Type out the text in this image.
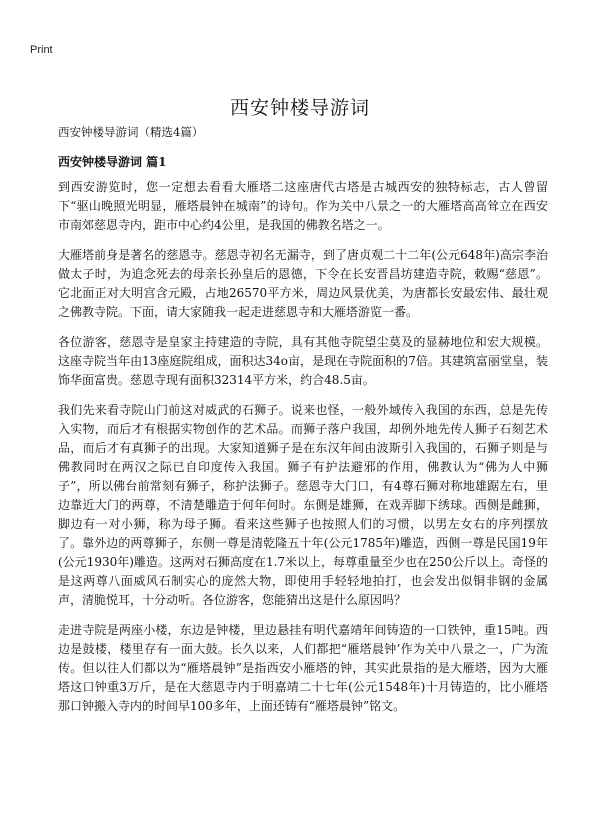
Print
西安钟楼导游词
西安钟楼导游词（精选4篇）
西安钟楼导游词 篇1

到西安游览时，您一定想去看看大雁塔二这座唐代古塔是古城西安的独特标志，古人曾留下“驱山晚照光明显，雁塔晨钟在城南”的诗句。作为关中八景之一的大雁塔高高耸立在西安市南郊慈恩寺内，距市中心约4公里，是我国的佛教名塔之一。

大雁塔前身是著名的慈恩寺。慈恩寺初名无漏寺，到了唐贞观二十二年(公元648年)高宗李治做太子时，为追念死去的母亲长孙皇后的恩德，下令在长安晋昌坊建造寺院，敕赐“慈恩”。它北面正对大明宫含元殿，占地26570平方米，周边风景优美，为唐都长安最宏伟、最壮观之佛教寺院。下面，请大家随我一起走进慈恩寺和大雁塔游览一番。

各位游客，慈恩寺是皇家主持建造的寺院，具有其他寺院望尘莫及的显赫地位和宏大规模。这座寺院当年由13座庭院组成，面积达34o亩，是现在寺院面积的7倍。其建筑富丽堂皇，装饰华面富贵。慈恩寺现有面积32314平方米，约合48.5亩。

我们先来看寺院山门前这对威武的石狮子。说来也怪，一般外域传入我国的东西，总是先传入实物，而后才有根据实物创作的艺术品。而狮子落户我国，却例外地先传人狮子石刻艺术品，而后才有真狮子的出现。大家知道狮子是在东汉年间由波斯引入我国的，石狮子则是与佛教同时在两汉之际已自印度传入我国。狮子有护法避邪的作用，佛教认为“佛为人中狮子”，所以佛台前常刻有狮子，称护法狮子。慈恩寺大门口，有4尊石狮对称地雄踞左右，里边靠近大门的两尊，不清楚雕造于何年何时。东侧是雄狮，在戏弄脚下绣球。西侧是雌狮，脚边有一对小狮，称为母子狮。看来这些狮子也按照人们的习惯，以男左女右的序列摆放了。靠外边的两尊狮子，东侧一尊是清乾隆五十年(公元1785年)雕造，西侧一尊是民国19年(公元1930年)雕造。这两对石狮高度在1.7米以上，每尊重量至少也在250公斤以上。奇怪的是这两尊八面威风石制实心的庞然大物，即使用手轻轻地拍打，也会发出似铜非钢的金属声，清脆悦耳，十分动听。各位游客，您能猜出这是什么原因吗？

走进寺院是两座小楼，东边是钟楼，里边悬挂有明代嘉靖年间铸造的一口铁钟，重15吨。西边是鼓楼，楼里存有一面大鼓。长久以来，人们都把“雁塔晨钟’作为关中八景之一，广为流传。但以往人们都以为“雁塔晨钟”是指西安小雁塔的钟，其实此景指的是大雁塔，因为大雁塔这口钟重3万斤，是在大慈恩寺内于明嘉靖二十七年(公元1548年)十月铸造的，比小雁塔那口钟搬入寺内的时间早100多年，上面还铸有“雁塔晨钟”铭文。
